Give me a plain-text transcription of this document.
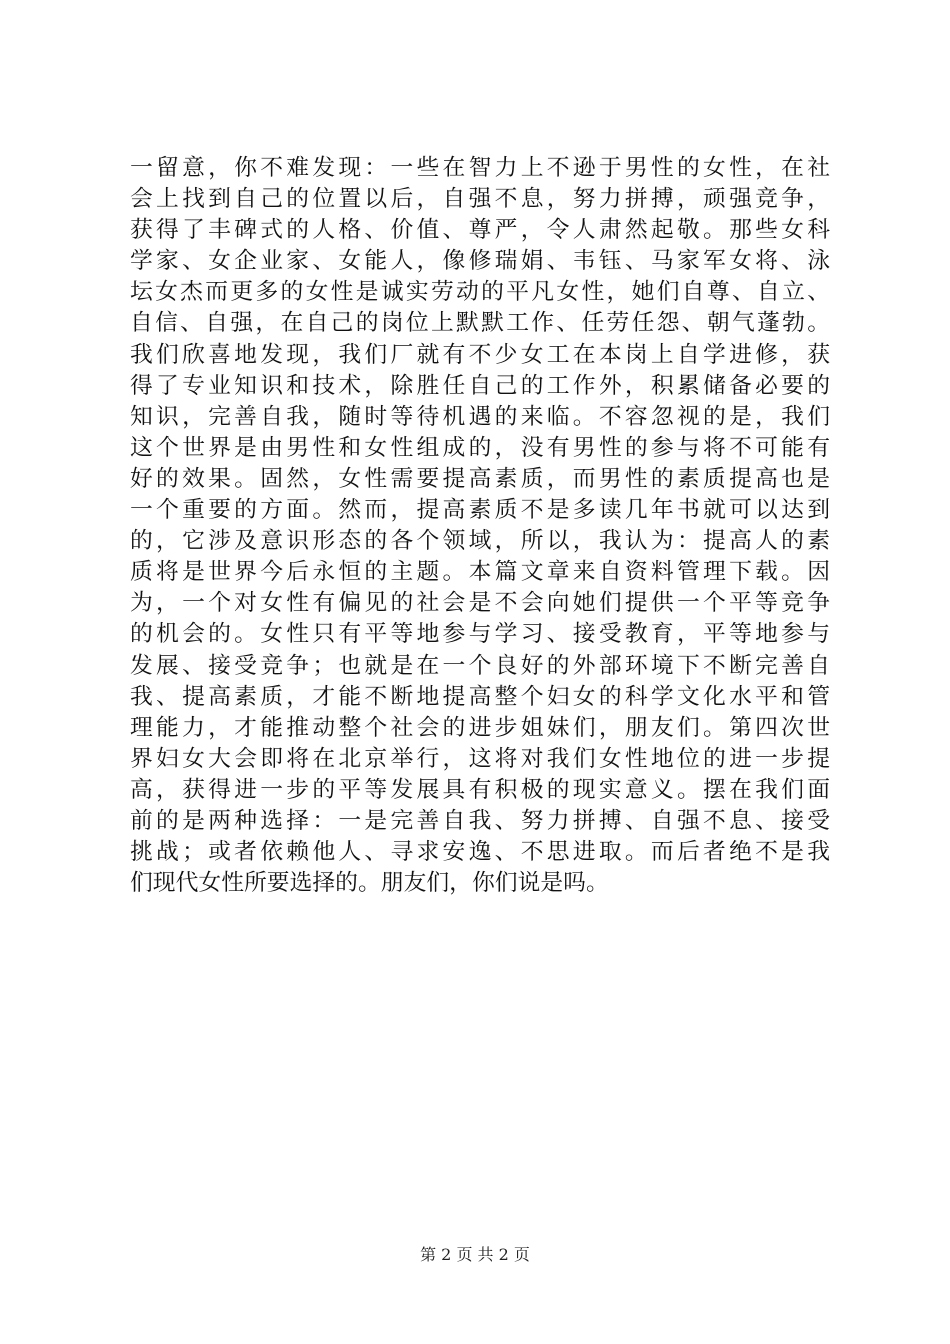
一留意，你不难发现：一些在智力上不逊于男性的女性，在社
会上找到自己的位置以后，自强不息，努力拼搏，顽强竞争，
获得了丰碑式的人格、价值、尊严，令人肃然起敬。那些女科
学家、女企业家、女能人，像修瑞娟、韦钰、马家军女将、泳
坛女杰而更多的女性是诚实劳动的平凡女性，她们自尊、自立、
自信、自强，在自己的岗位上默默工作、任劳任怨、朝气蓬勃。
我们欣喜地发现，我们厂就有不少女工在本岗上自学进修，获
得了专业知识和技术，除胜任自己的工作外，积累储备必要的
知识，完善自我，随时等待机遇的来临。不容忽视的是，我们
这个世界是由男性和女性组成的，没有男性的参与将不可能有
好的效果。固然，女性需要提高素质，而男性的素质提高也是
一个重要的方面。然而，提高素质不是多读几年书就可以达到
的，它涉及意识形态的各个领域，所以，我认为：提高人的素
质将是世界今后永恒的主题。本篇文章来自资料管理下载。因
为，一个对女性有偏见的社会是不会向她们提供一个平等竞争
的机会的。女性只有平等地参与学习、接受教育，平等地参与
发展、接受竞争；也就是在一个良好的外部环境下不断完善自
我、提高素质，才能不断地提高整个妇女的科学文化水平和管
理能力，才能推动整个社会的进步姐妹们，朋友们。第四次世
界妇女大会即将在北京举行，这将对我们女性地位的进一步提
高，获得进一步的平等发展具有积极的现实意义。摆在我们面
前的是两种选择：一是完善自我、努力拼搏、自强不息、接受
挑战；或者依赖他人、寻求安逸、不思进取。而后者绝不是我
们现代女性所要选择的。朋友们，你们说是吗。
第 2 页 共 2 页
